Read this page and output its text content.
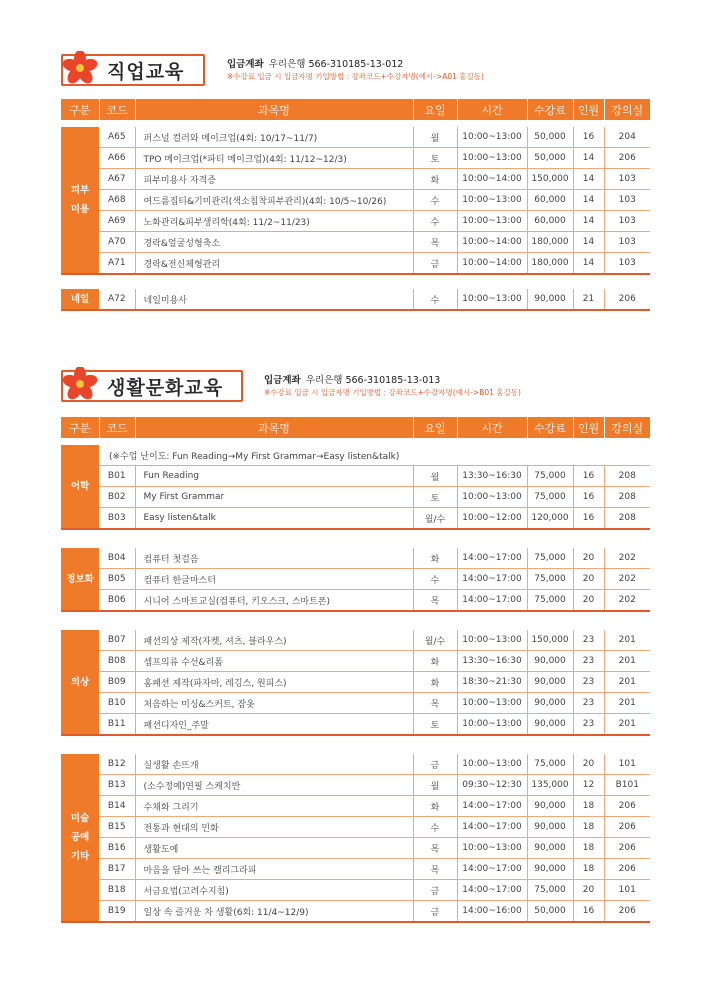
직업교육	입금계좌 우리은행 566-310185-13-012
※수강료 입금 시 입금자명 기입방법 : 강좌코드+수강자명(예시->A01 홍길동)
구분	코드	과목명	요일	시간	수강료	인원	강의실

피부
미용	A65	퍼스널 컬러와 메이크업(4회: 10/17~11/7)	월	10:00~13:00	50,000	16	204
	A66	TPO 메이크업(*파티 메이크업)(4회: 11/12~12/3)	토	10:00~13:00	50,000	14	206
	A67	피부미용사 자격증	화	10:00~14:00	150,000	14	103
	A68	여드름집티&기미관리(색소침착피부관리)(4회: 10/5~10/26)	수	10:00~13:00	60,000	14	103
	A69	노화관리&피부생리학(4회: 11/2~11/23)	수	10:00~13:00	60,000	14	103
	A70	경락&얼굴성형축소	목	10:00~14:00	180,000	14	103
	A71	경락&전신체형관리	금	10:00~14:00	180,000	14	103

네일	A72	네일미용사	수	10:00~13:00	90,000	21	206
생활문화교육	입금계좌 우리은행 566-310185-13-013
※수강료 입금 시 입금자명 기입방법 : 강좌코드+수강자명(예시->B01 홍길동)
구분	코드	과목명	요일	시간	수강료	인원	강의실

어학	(※수업 난이도: Fun Reading→My First Grammar→Easy listen&talk)						
	B01	Fun Reading	월	13:30~16:30	75,000	16	208
	B02	My First Grammar	토	10:00~13:00	75,000	16	208
	B03	Easy listen&talk	월/수	10:00~12:00	120,000	16	208

정보화	B04	컴퓨터 첫걸음	화	14:00~17:00	75,000	20	202
	B05	컴퓨터 한글마스터	수	14:00~17:00	75,000	20	202
	B06	시니어 스마트교실(컴퓨터, 키오스크, 스마트폰)	목	14:00~17:00	75,000	20	202

의상	B07	패션의상 제작(자켓, 셔츠, 블라우스)	월/수	10:00~13:00	150,000	23	201
	B08	셈프의류 수선&리폼	화	13:30~16:30	90,000	23	201
	B09	홈패션 제작(파자마, 레깅스, 원피스)	화	18:30~21:30	90,000	23	201
	B10	처음하는 미싱&스커트, 잠옷	목	10:00~13:00	90,000	23	201
	B11	패션디자인_주말	토	10:00~13:00	90,000	23	201

미술
공예
기타	B12	실생활 손뜨개	금	10:00~13:00	75,000	20	101
	B13	(소수정예)연필 스케치반	월	09:30~12:30	135,000	12	B101
	B14	수채화 그리기	화	14:00~17:00	90,000	18	206
	B15	전통과 현대의 민화	수	14:00~17:00	90,000	18	206
	B16	생활도예	목	10:00~13:00	90,000	18	206
	B17	마음을 담아 쓰는 캘리그라피	목	14:00~17:00	90,000	18	206
	B18	서금요법(고려수지침)	금	14:00~17:00	75,000	20	101
	B19	일상 속 즐거운 차 생활(6회: 11/4~12/9)	금	14:00~16:00	50,000	16	206
